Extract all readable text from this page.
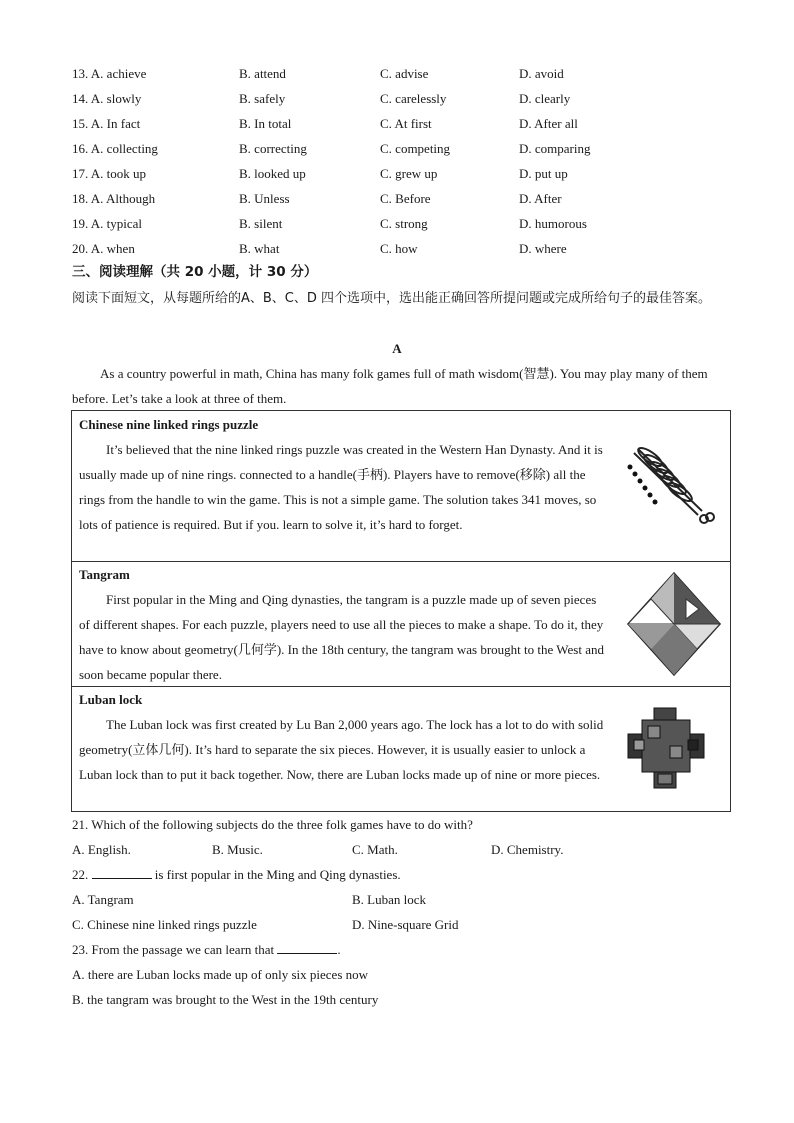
13. A. achieve	B. attend	C. advise	D. avoid
14. A. slowly	B. safely	C. carelessly	D. clearly
15. A. In fact	B. In total	C. At first	D. After all
16. A. collecting	B. correcting	C. competing	D. comparing
17. A. took up	B. looked up	C. grew up	D. put up
18. A. Although	B. Unless	C. Before	D. After
19. A. typical	B. silent	C. strong	D. humorous
20. A. when	B. what	C. how	D. where
三、阅读理解（共 20 小题，计 30 分）
阅读下面短文，从每题所给的A、B、C、D 四个选项中，选出能正确回答所提问题或完成所给句子的最佳答案。
A
As a country powerful in math, China has many folk games full of math wisdom(智慧). You may play many of them before. Let’s take a look at three of them.
Chinese nine linked rings puzzle
It’s believed that the nine linked rings puzzle was created in the Western Han Dynasty. And it is usually made up of nine rings. connected to a handle(手柄). Players have to remove(移除) all the rings from the handle to win the game. This is not a simple game. The solution takes 341 moves, so lots of patience is required. But if you. learn to solve it, it’s hard to forget.
Tangram
First popular in the Ming and Qing dynasties, the tangram is a puzzle made up of seven pieces of different shapes. For each puzzle, players need to use all the pieces to make a shape. To do it, they have to know about geometry(几何学). In the 18th century, the tangram was brought to the West and soon became popular there.
Luban lock
The Luban lock was first created by Lu Ban 2,000 years ago. The lock has a lot to do with solid geometry(立体几何). It’s hard to separate the six pieces. However, it is usually easier to unlock a Luban lock than to put it back together. Now, there are Luban locks made up of nine or more pieces.
21. Which of the following subjects do the three folk games have to do with?
A. English.	B. Music.	C. Math.	D. Chemistry.
22.	is first popular in the Ming and Qing dynasties.
A. Tangram	B. Luban lock
C. Chinese nine linked rings puzzle	D. Nine-square Grid
23. From the passage we can learn that	.
A. there are Luban locks made up of only six pieces now
B. the tangram was brought to the West in the 19th century
